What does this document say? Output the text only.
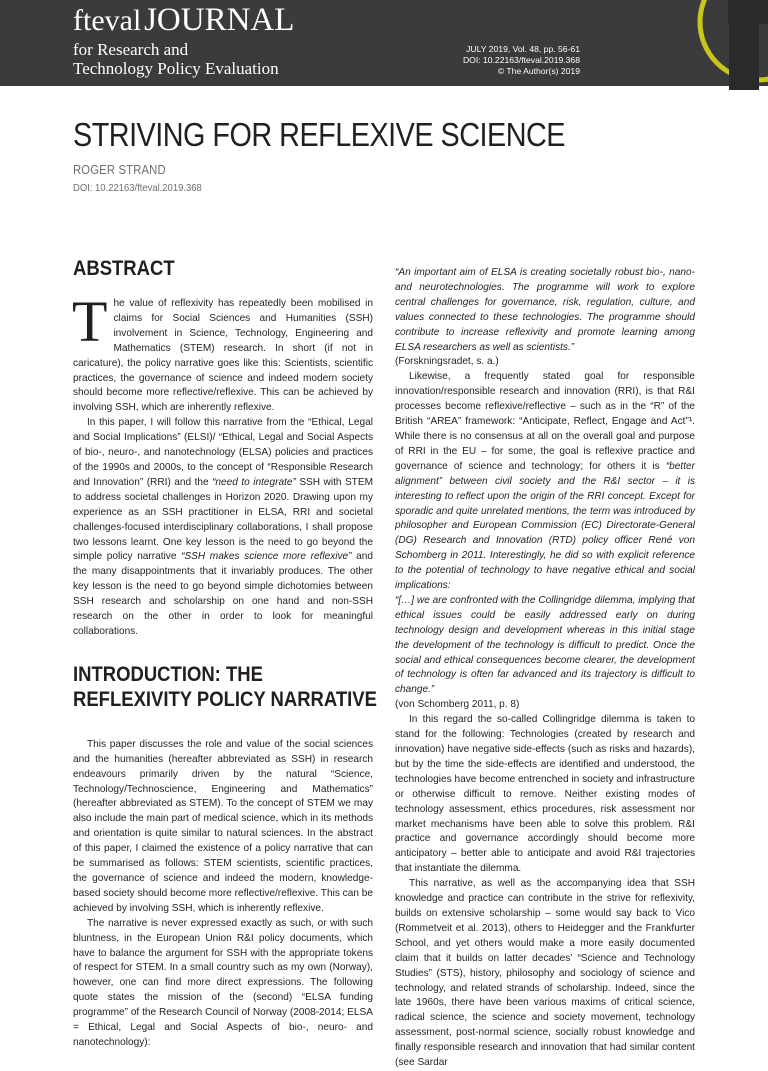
fteval JOURNAL
for Research and
Technology Policy Evaluation
JULY 2019, Vol. 48, pp. 56-61
DOI: 10.22163/fteval.2019.368
© The Author(s) 2019
STRIVING FOR REFLEXIVE SCIENCE
ROGER STRAND
DOI: 10.22163/fteval.2019.368
ABSTRACT

The value of reflexivity has repeatedly been mobilised in claims for Social Sciences and Humanities (SSH) involvement in Science, Technology, Engineering and Mathematics (STEM) research. In short (if not in caricature), the policy narrative goes like this: Scientists, scientific practices, the governance of science and indeed modern society should become more reflective/reflexive. This can be achieved by involving SSH, which are inherently reflexive.

In this paper, I will follow this narrative from the “Ethical, Legal and Social Implications” (ELSI)/ “Ethical, Legal and Social Aspects of bio-, neuro-, and nanotechnology (ELSA) policies and practices of the 1990s and 2000s, to the concept of “Responsible Research and Innovation” (RRI) and the “need to integrate” SSH with STEM to address societal challenges in Horizon 2020. Drawing upon my experience as an SSH practitioner in ELSA, RRI and societal challenges-focused interdisciplinary collaborations, I shall propose two lessons learnt. One key lesson is the need to go beyond the simple policy narrative “SSH makes science more reflexive” and the many disappointments that it invariably produces. The other key lesson is the need to go beyond simple dichotomies between SSH research and scholarship on one hand and non-SSH research on the other in order to look for meaningful collaborations.

INTRODUCTION: THE
REFLEXIVITY POLICY NARRATIVE

This paper discusses the role and value of the social sciences and the humanities (hereafter abbreviated as SSH) in research endeavours primarily driven by the natural “Science, Technology/Technoscience, Engineering and Mathematics” (hereafter abbreviated as STEM). To the concept of STEM we may also include the main part of medical science, which in its methods and orientation is quite similar to natural sciences. In the abstract of this paper, I claimed the existence of a policy narrative that can be summarised as follows: STEM scientists, scientific practices, the governance of science and indeed the modern, knowledge-based society should become more reflective/reflexive. This can be achieved by involving SSH, which is inherently reflexive.

The narrative is never expressed exactly as such, or with such bluntness, in the European Union R&I policy documents, which have to balance the argument for SSH with the appropriate tokens of respect for STEM. In a small country such as my own (Norway), however, one can find more direct expressions. The following quote states the mission of the (second) “ELSA funding programme” of the Research Council of Norway (2008-2014; ELSA = Ethical, Legal and Social Aspects of bio-, neuro- and nanotechnology):

“An important aim of ELSA is creating societally robust bio-, nano- and neurotechnologies. The programme will work to explore central challenges for governance, risk, regulation, culture, and values connected to these technologies. The programme should contribute to increase reflexivity and promote learning among ELSA researchers as well as scientists.”

(Forskningsradet, s. a.)

Likewise, a frequently stated goal for responsible innovation/responsible research and innovation (RRI), is that R&I processes become reflexive/reflective – such as in the “R” of the British “AREA” framework: “Anticipate, Reflect, Engage and Act”¹. While there is no consensus at all on the overall goal and purpose of RRI in the EU – for some, the goal is reflexive practice and governance of science and technology; for others it is “better alignment” between civil society and the R&I sector – it is interesting to reflect upon the origin of the RRI concept. Except for sporadic and quite unrelated mentions, the term was introduced by philosopher and European Commission (EC) Directorate-General (DG) Research and Innovation (RTD) policy officer René von Schomberg in 2011. Interestingly, he did so with explicit reference to the potential of technology to have negative ethical and social implications:

“[…] we are confronted with the Collingridge dilemma, implying that ethical issues could be easily addressed early on during technology design and development whereas in this initial stage the development of the technology is difficult to predict. Once the social and ethical consequences become clearer, the development of technology is often far advanced and its trajectory is difficult to change.”

(von Schomberg 2011, p. 8)

In this regard the so-called Collingridge dilemma is taken to stand for the following: Technologies (created by research and innovation) have negative side-effects (such as risks and hazards), but by the time the side-effects are identified and understood, the technologies have become entrenched in society and infrastructure or otherwise difficult to remove. Neither existing modes of technology assessment, ethics procedures, risk assessment nor market mechanisms have been able to solve this problem. R&I practice and governance accordingly should become more anticipatory – better able to anticipate and avoid R&I trajectories that instantiate the dilemma.

This narrative, as well as the accompanying idea that SSH knowledge and practice can contribute in the strive for reflexivity, builds on extensive scholarship – some would say back to Vico (Rommetveit et al. 2013), others to Heidegger and the Frankfurter School, and yet others would make a more easily documented claim that it builds on latter decades’ “Science and Technology Studies” (STS), history, philosophy and sociology of science and technology, and related strands of scholarship. Indeed, since the late 1960s, there have been various maxims of critical science, radical science, the science and society movement, technology assessment, post-normal science, socially robust knowledge and finally responsible research and innovation that had similar content (see Sardar
